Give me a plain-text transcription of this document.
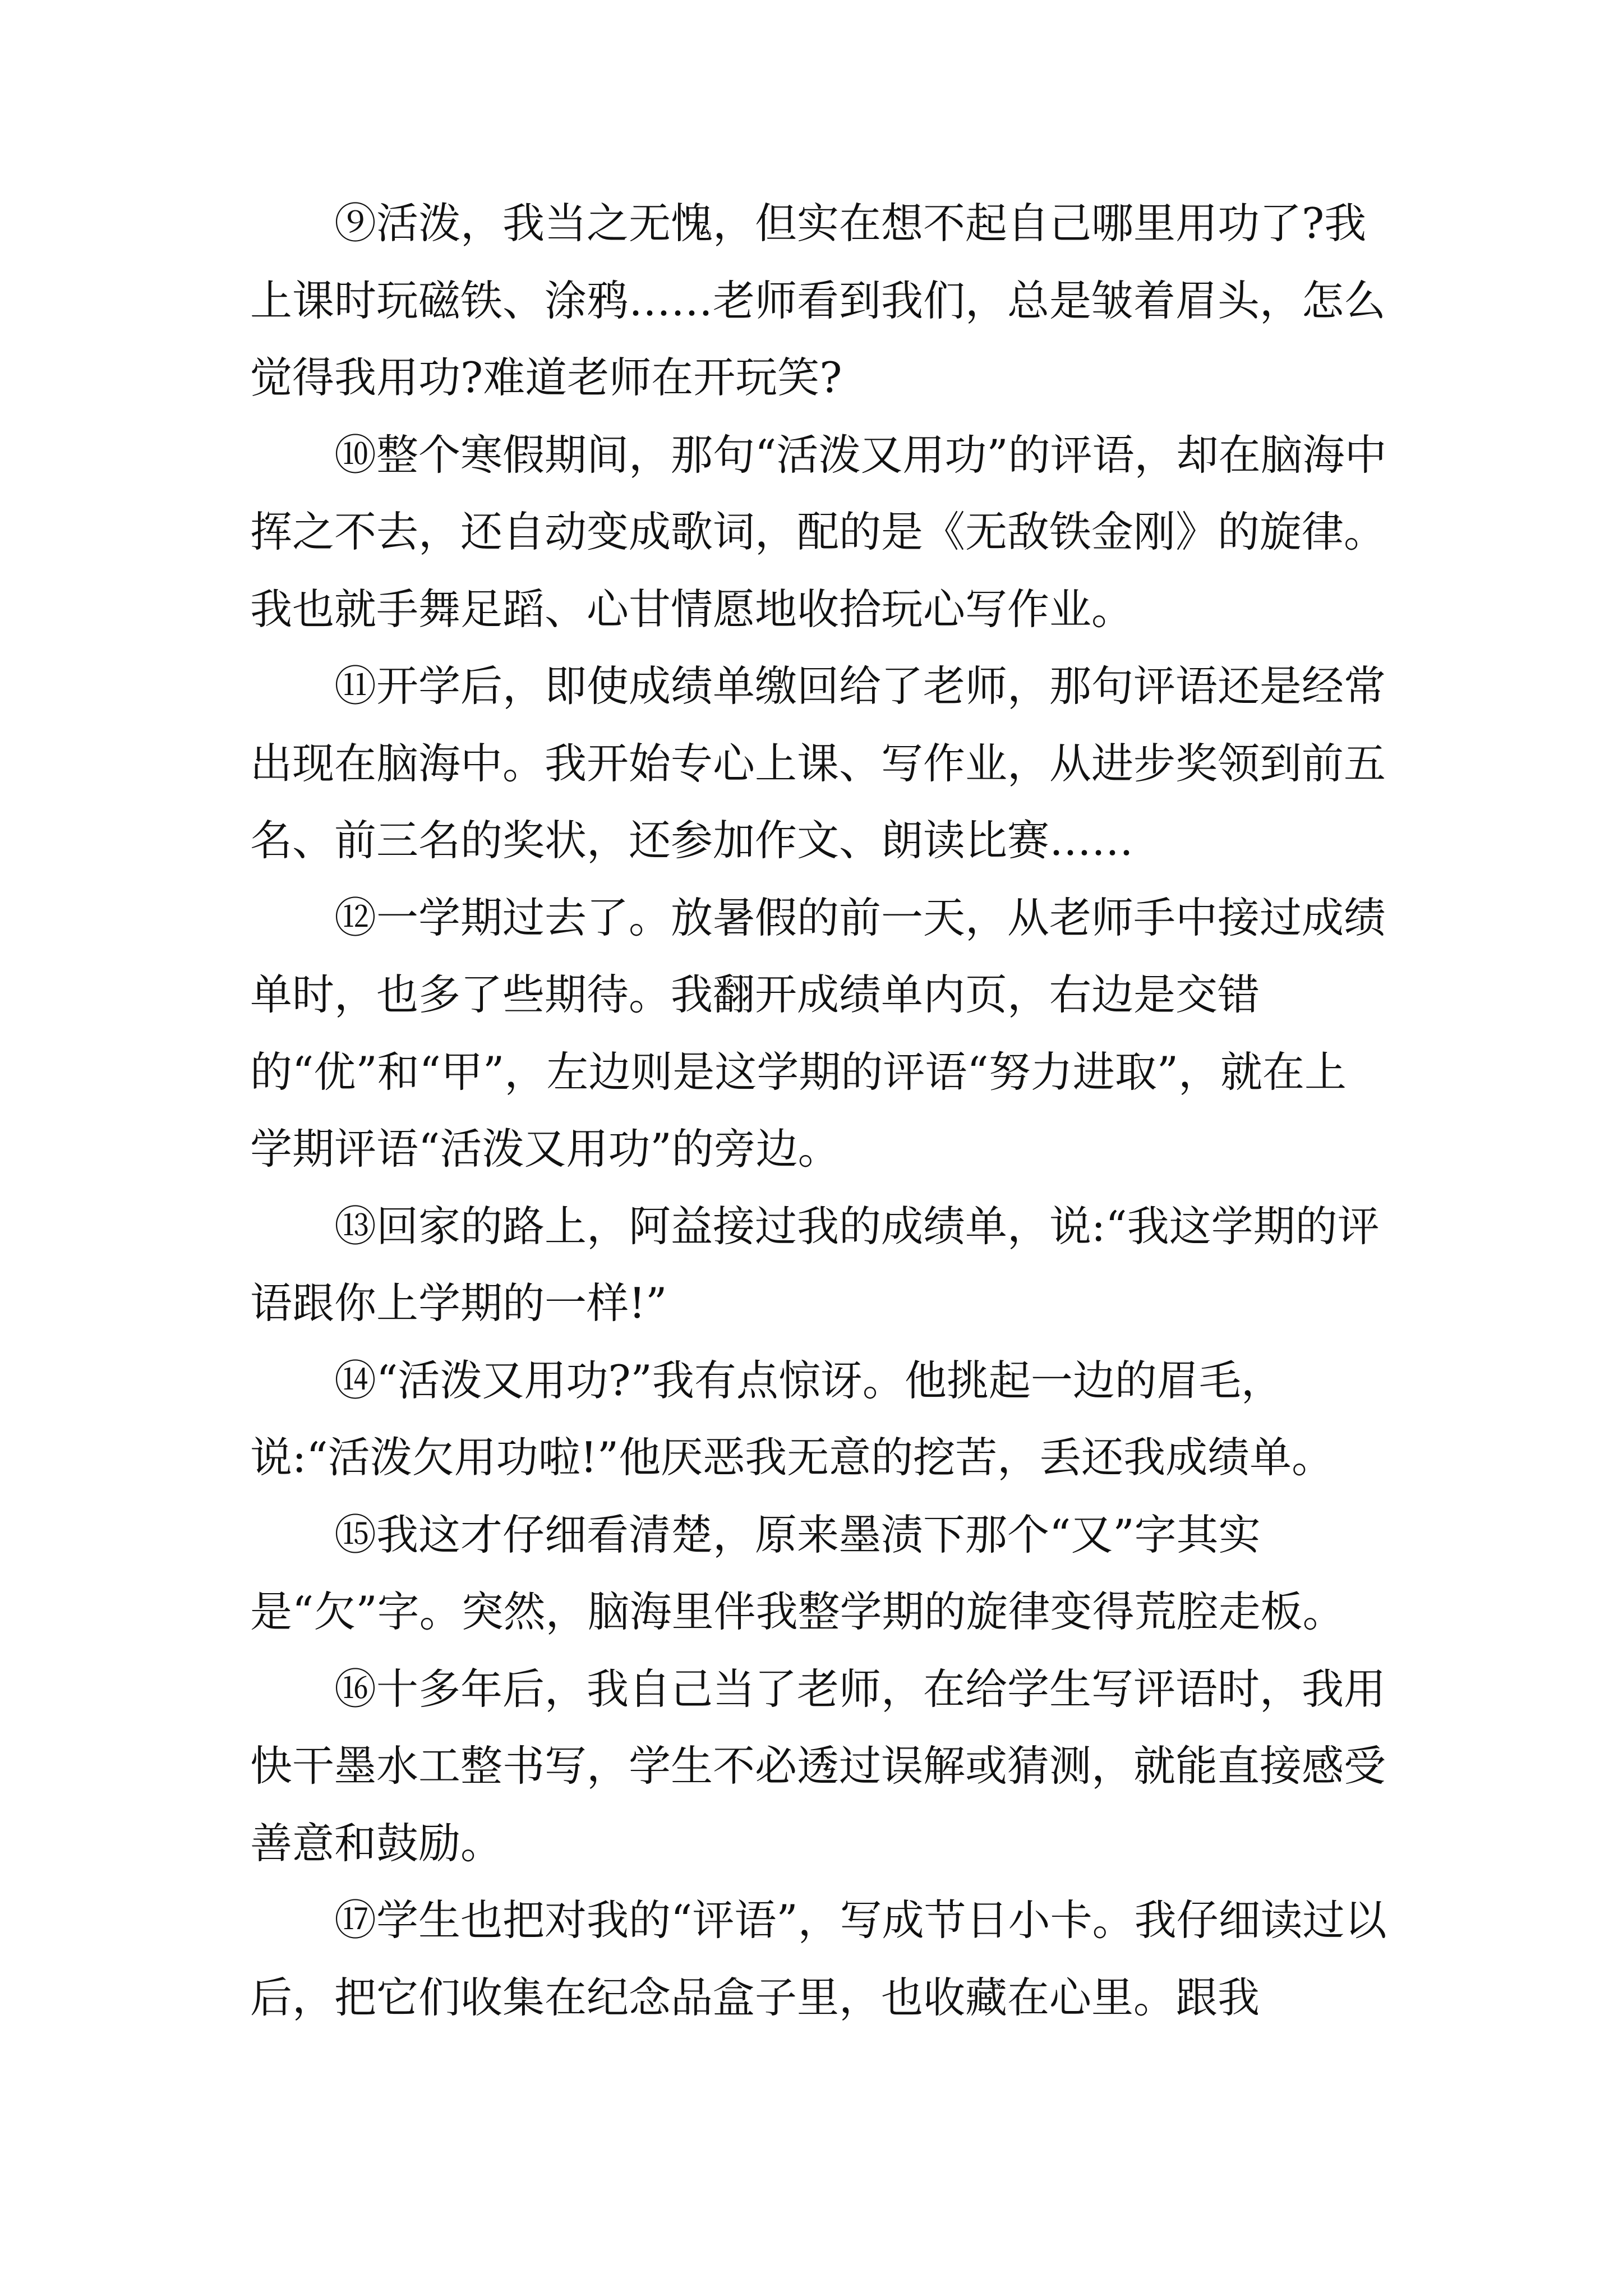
⑨活泼，我当之无愧，但实在想不起自己哪里用功了?我上课时玩磁铁、涂鸦……老师看到我们，总是皱着眉头，怎么觉得我用功?难道老师在开玩笑?

⑩整个寒假期间，那句“活泼又用功”的评语，却在脑海中挥之不去，还自动变成歌词，配的是《无敌铁金刚》的旋律。我也就手舞足蹈、心甘情愿地收拾玩心写作业。

⑪开学后，即使成绩单缴回给了老师，那句评语还是经常出现在脑海中。我开始专心上课、写作业，从进步奖领到前五名、前三名的奖状，还参加作文、朗读比赛……

⑫一学期过去了。放暑假的前一天，从老师手中接过成绩单时，也多了些期待。我翻开成绩单内页，右边是交错的“优”和“甲”，左边则是这学期的评语“努力进取”，就在上学期评语“活泼又用功”的旁边。

⑬回家的路上，阿益接过我的成绩单，说:“我这学期的评语跟你上学期的一样!”

⑭“活泼又用功?”我有点惊讶。他挑起一边的眉毛，说:“活泼欠用功啦!”他厌恶我无意的挖苦，丢还我成绩单。

⑮我这才仔细看清楚，原来墨渍下那个“又”字其实是“欠”字。突然，脑海里伴我整学期的旋律变得荒腔走板。

⑯十多年后，我自己当了老师，在给学生写评语时，我用快干墨水工整书写，学生不必透过误解或猜测，就能直接感受善意和鼓励。

⑰学生也把对我的“评语”，写成节日小卡。我仔细读过以后，把它们收集在纪念品盒子里，也收藏在心里。跟我
